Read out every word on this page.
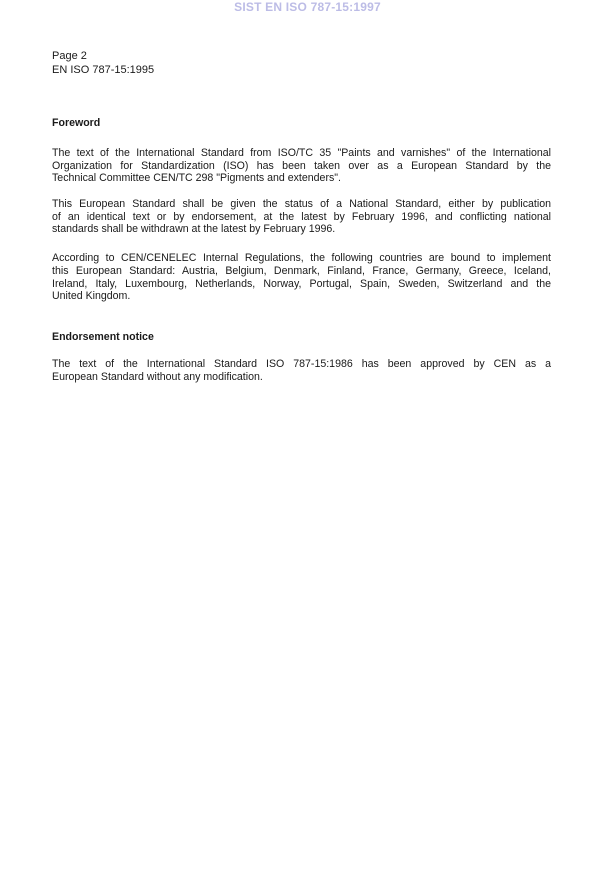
SIST EN ISO 787-15:1997
Page 2
EN ISO 787-15:1995
Foreword
The text of the International Standard from ISO/TC 35 "Paints and varnishes" of the International
Organization for Standardization (ISO) has been taken over as a European Standard by the
Technical Committee CEN/TC 298 "Pigments and extenders".
This European Standard shall be given the status of a National Standard, either by publication
of an identical text or by endorsement, at the latest by February 1996, and conflicting national
standards shall be withdrawn at the latest by February 1996.
According to CEN/CENELEC Internal Regulations, the following countries are bound to implement
this European Standard: Austria, Belgium, Denmark, Finland, France, Germany, Greece, Iceland,
Ireland, Italy, Luxembourg, Netherlands, Norway, Portugal, Spain, Sweden, Switzerland and the
United Kingdom.
Endorsement notice
The text of the International Standard ISO 787-15:1986 has been approved by CEN as a
European Standard without any modification.
